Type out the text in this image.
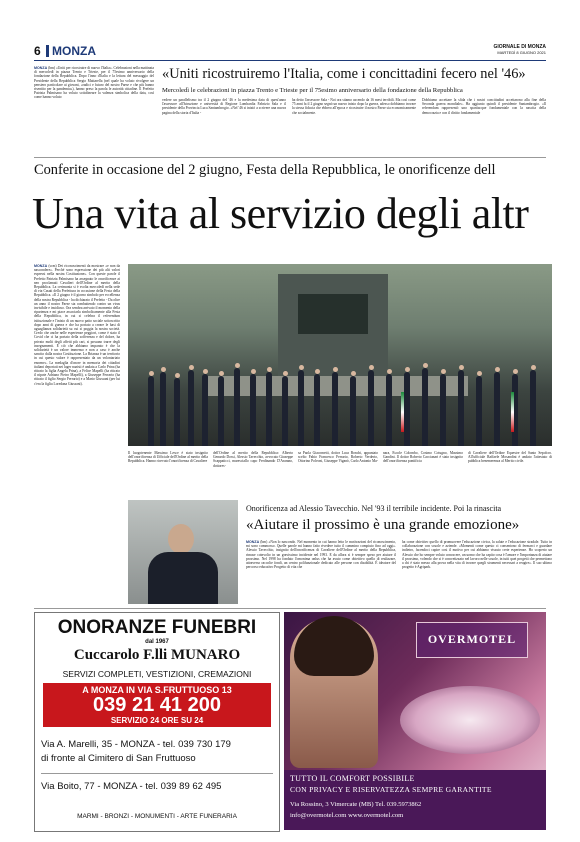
6 MONZA	GIORNALE DI MONZA
MARTEDÌ 8 GIUGNO 2021
MONZA (bm) «Uniti per ricostruire di nuovo l'Italia». Celebrazioni nella mattinata di mercoledì in piazza Trento e Trieste, per il 75esimo anniversario della fondazione della Repubblica. Dopo l'inno d'Italia e la lettura del messaggio del Presidente della Repubblica Sergio Mattarella (nel quale ha voluto rivolgere un pensiero particolare ai giovani, «radici e futuro del nostro Paese e che più hanno risentito per la pandemia»), hanno preso la parola le autorità cittadine. Il Prefetto Patrizia Palmisano ha voluto sottolineare la valenza simbolica della data, così come hanno voluto
«Uniti ricostruiremo l'Italia, come i concittadini fecero nel '46»
Mercoledì le celebrazioni in piazza Trento e Trieste per il 75esimo anniversario della fondazione della Repubblica
vedere un parallelismo tra il 2 giugno del '46 e la medesima data di quest'anno l'assessore all'Istruzione e università di Regione Lombardia Fabrizio Sala e il presidente della Provincia Luca Santambrogio. «Nel '46 si iniziò a scrivere una nuova pagina della storia d'Italia -
ha detto l'assessore Sala - Noi ora stiamo uscendo da 16 mesi terribili. Ma così come 75 anni fa il 2 giugno segnò un nuovo inizio dopo la guerra, adesso dobbiamo trovare la stessa fiducia che ebbero all'epoca e ricostruire il nostro Paese sia economicamente che socialmente.
Dobbiamo accettare la sfida che i nostri concittadini accettarono alla fine della Seconda guerra mondiale». Ha aggiunto quindi il presidente Santambrogio. «Il referendum rappresentò uno spartiacque fondamentale con la nascita della democrazia e con il diritto fondamentale
Conferite in occasione del 2 giugno, Festa della Repubblica, le onorificenze dell
Una vita al servizio degli altr
MONZA (scm) Dei riconoscimenti da mostrare «e non da nascondere». Perché sono espressione dei più alti valori espressi nella nostra Costituzione». Con queste parole il Prefetto Patrizia Palmisano ha assegnato le onorificenze ai neo proclamati Cavalieri dell'Ordine al merito della Repubblica. La cerimonia si è svolta mercoledì nella sede di via Casati della Prefettura in occasione della Festa della Repubblica. «Il 2 giugno è il giorno simbolo per eccellenza della nostra Repubblica - ha dichiarato il Prefetto - Da oltre un anno il nostro Paese sta combattendo contro un virus invisibile e insidioso. Ora sembra arrivato il momento della ripartenza e mi piace associarla simbolicamente alla Festa della Repubblica, in cui si celebra il referendum istituzionale e l'inizio di un nuovo patto sociale sottoscritto dopo anni di guerra e che ha portato a creare le basi di uguaglianza solidarietà su cui si poggia la nostra società. Credo che anche nelle esperienze peggiori, come è stato il Covid che ci ha portato della sofferenza e del dolore, ha privato molti degli affetti più cari, si possano trarre degli insegnamenti. E ciò che abbiamo imparato è che la solidarietà è un valore immenso e non a caso è anche sancito dalla nostra Costituzione. La Brianza è un territorio in cui questo valore è rappresentato da un volontariato enorme». La medaglia d'onore in memoria dei cittadini italiani deportati nei lager nazisti è andata a Carlo Prina (ha ritirato la figlia Angela Prina), a Felice Mapelli (ha ritirato il nipote Adriano Pietro Mapelli), a Giuseppe Ferrario (ha ritirato il figlio Sergio Ferrario) e a Mario Giussani (per lui c'era la figlia Loredana Giussani).
Il luogotenente Massimo Lesce è stato insignito dell'onorificenza di Ufficiale dell'Ordine al merito della Repubblica. Hanno ricevuto l'onorificenza di Cavaliere
dell'Ordine al merito della Repubblica: Alberto Genardo Dossi, Alessio Tavecchio, avvocato Giuseppe Scappaticci, maresciallo capo Ferdinando D'Ararano, dottores-
sa Paola Giacometti, dottor Luca Bonchi, appuntato scelto Fabio Francesco Ferrario, Roberto Verderio, Ottorino Polvoni, Giuseppe Viganò, Carlo Antonio Ma-
nara, Escole Colombo, Cosimo Cotugno, Massimo Gandini. Il dottor Roberto Caccianari è stato insignito dell'onorificenza pontificia
di Cavaliere dell'Ordine Equestre del Santo Sepolcro. All'ufficiale Raffaele Mosandini è andato l'attestato di pubblica benemerenza al Merito civile.
Onorificenza ad Alessio Tavecchio. Nel '93 il terribile incidente. Poi la rinascita
«Aiutare il prossimo è una grande emozione»
MONZA (bm) «Non lo nascondo. Nel momento in cui hanno letto le motivazioni del riconoscimento, mi sono commosso. Quelle parole mi hanno fatto rivedere tutto il cammino compiuto fino ad oggi». Alessio Tavecchio, insignito dell'onorificenza di Cavaliere dell'Ordine al merito della Repubblica, rimase coinvolto in un gravissimo incidente nel 1993. E da allora si è sempre speso per aiutare il prossimo. Nel 1998 ha fondato l'omonima onlus che ha avuto come obiettivo quello di realizzare, attraverso raccolte fondi, un centro polifunzionale dedicato alle persone con disabilità. È ideatore del percorso educativo Progetto di vita che
ha come obiettivo quello di promuovere l'educazione civica, la salute e l'educazione stradale. Tutto in collaborazione con scuole e aziende. «Momenti come questo ci consentono di fermarci e guardare indietro, facendoci capire cosi il motivo per cui abbiamo vissuto certe esperienze. Ho scoperto un Alessio che ho sempre voluto conoscere, un uomo che ha capito cosa è l'amore e l'importanza di aiutare il prossimo, volendo che si è concretizzato nel lavoro nelle scuole, in tutti quei progetti che permettono a chi è stato messo alla prova nella vita di trovare quegli strumenti necessari a reagire». Il suo ultimo progetto è Agripark.
ONORANZE FUNEBRI
dal 1967
Cuccarolo F.lli MUNARO
SERVIZI COMPLETI, VESTIZIONI, CREMAZIONI
A MONZA IN VIA S.FRUTTUOSO 13
039 21 41 200
SERVIZIO 24 ORE SU 24
Via A. Marelli, 35 - MONZA - tel. 039 730 179
di fronte al Cimitero di San Fruttuoso
Via Boito, 77 - MONZA - tel. 039 89 62 495
MARMI - BRONZI - MONUMENTI - ARTE FUNERARIA
OVERMOTEL
TUTTO IL COMFORT POSSIBILE
CON PRIVACY E RISERVATEZZA SEMPRE GARANTITE
Via Rossino, 3 Vimercate (MB) Tel. 039.5973862
info@overmotel.com www.overmotel.com
